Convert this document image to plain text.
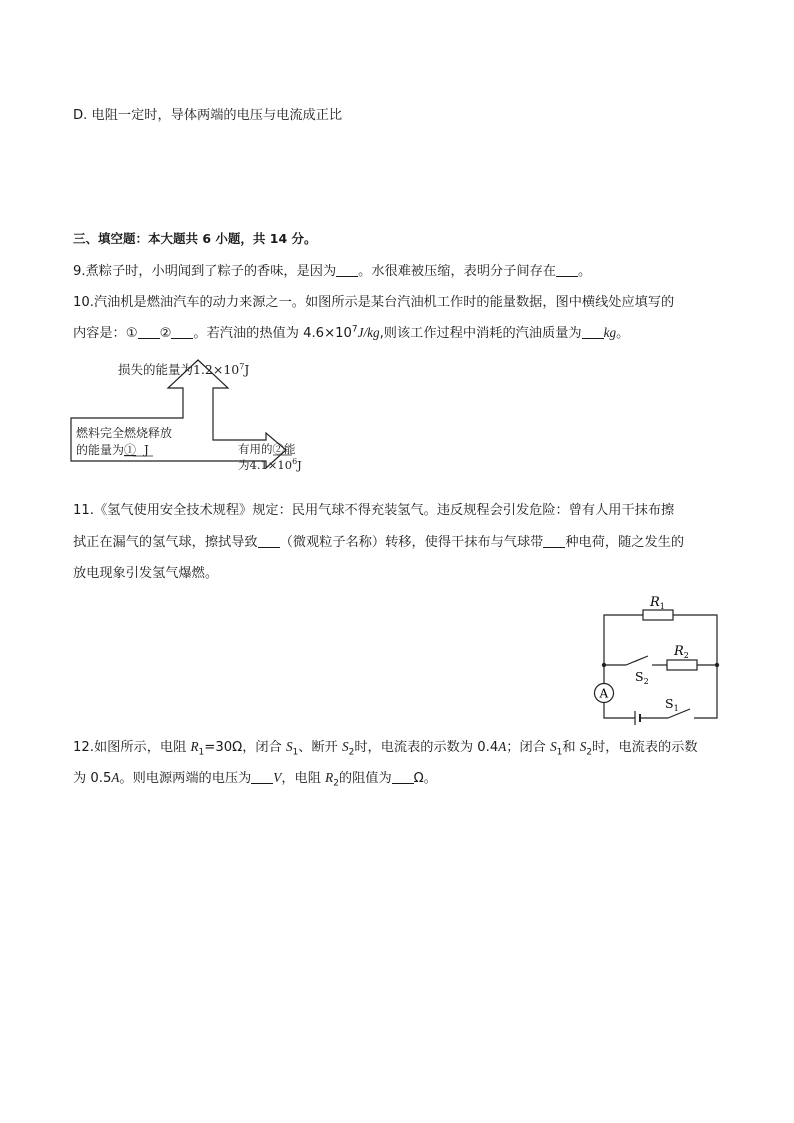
D. 电阻一定时，导体两端的电压与电流成正比
三、填空题：本大题共 6 小题，共 14 分。
9.煮粽子时，小明闻到了粽子的香味，是因为 。水很难被压缩，表明分子间存在 。
10.汽油机是燃油汽车的动力来源之一。如图所示是某台汽油机工作时的能量数据，图中横线处应填写的
内容是：① ② 。若汽油的热值为 $4.6\times 10^7J/kg$,则该工作过程中消耗的汽油质量为 kg。
损失的能量为$1.2\times 10^7J$
燃料完全燃烧释放
的能量为① J	有用的②能
为$4.1\times 10^6J$
11.《氢气使用安全技术规程》规定：民用气球不得充装氢气。违反规程会引发危险：曾有人用干抹布擦
拭正在漏气的氢气球，擦拭导致 （微观粒子名称）转移，使得干抹布与气球带 种电荷，随之发生的
放电现象引发氢气爆燃。
$R_1$
$R_2$
$S_2$
A
$S_1$
12.如图所示，电阻 $R_1=30\Omega$，闭合 $S_1$、断开 $S_2$时，电流表的示数为 0.4A；闭合 $S_1$和 $S_2$时，电流表的示数
为 0.5A。则电源两端的电压为 V，电阻 $R_2$的阻值为 Ω。
